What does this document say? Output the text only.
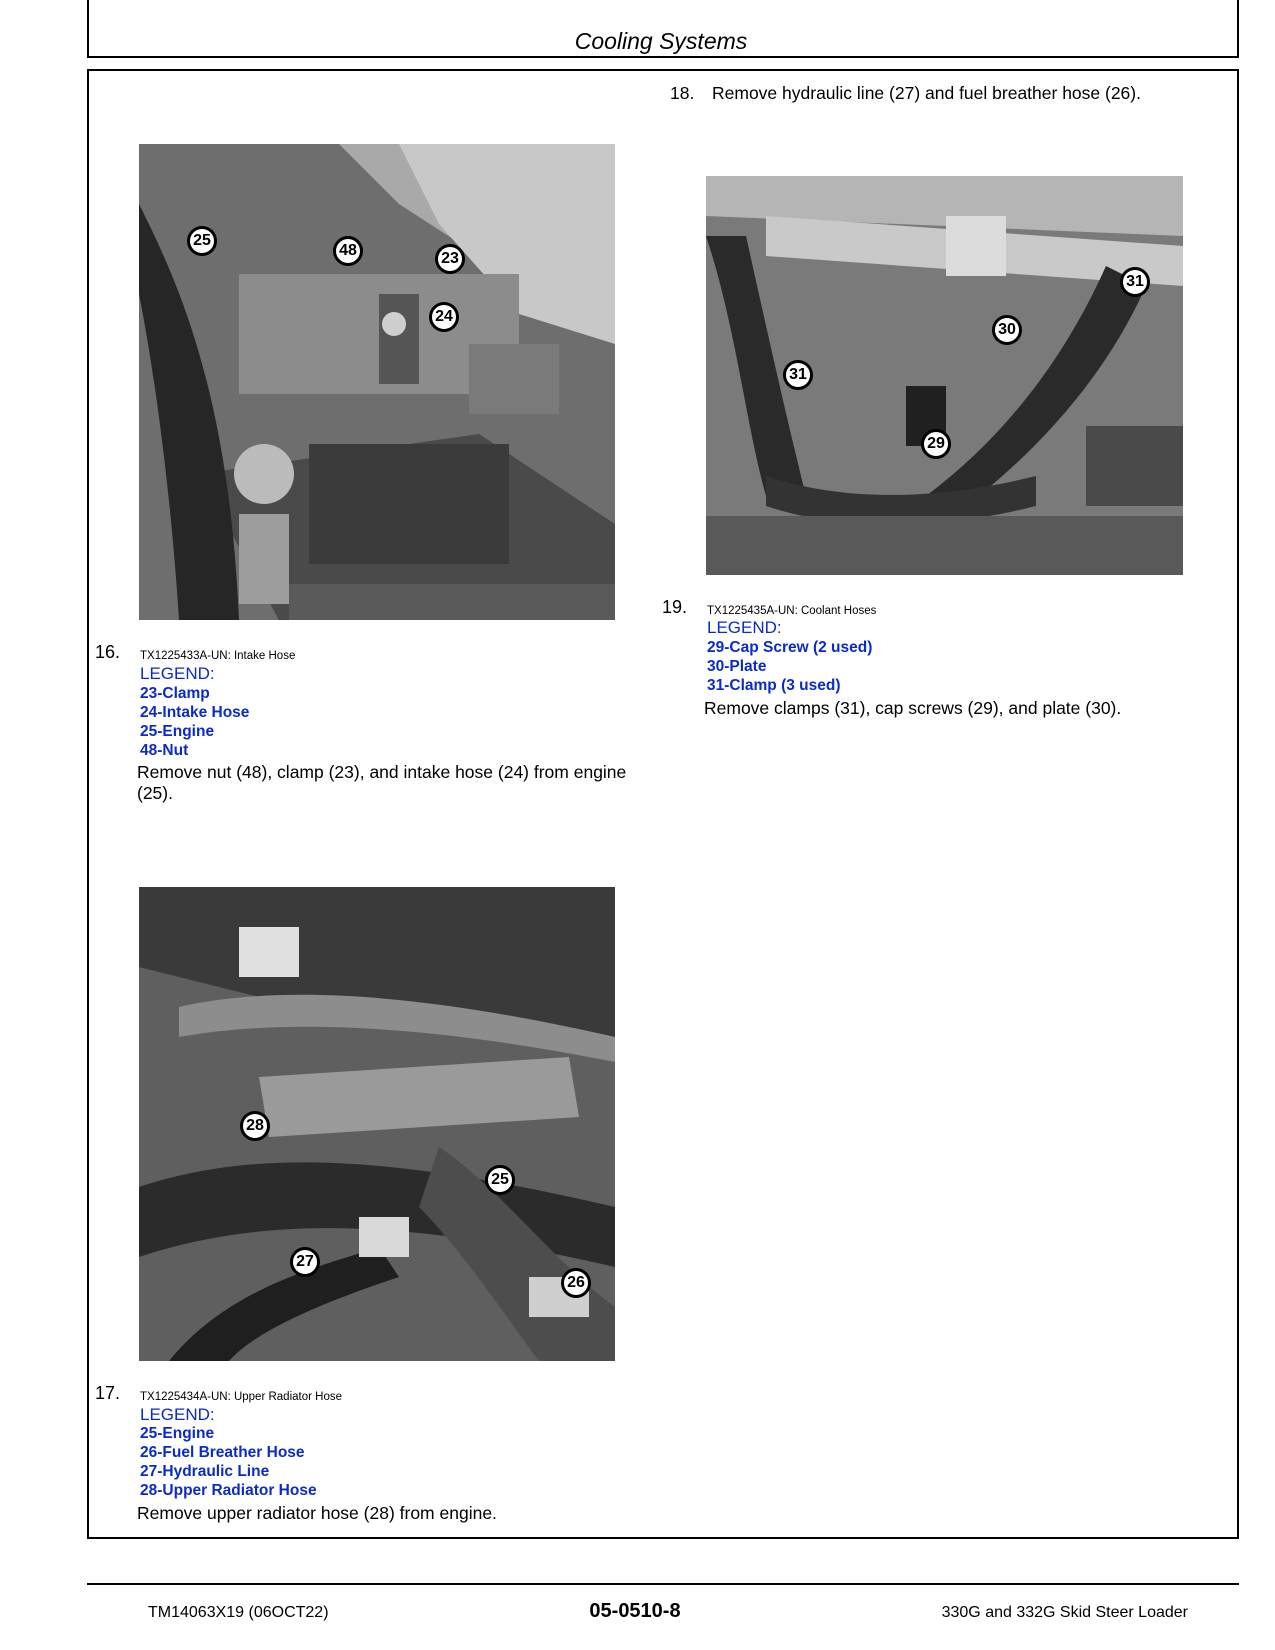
Cooling Systems
25
48	23
24
16. TX1225433A-UN: Intake Hose
LEGEND:
23-Clamp
24-Intake Hose
25-Engine
48-Nut
Remove nut (48), clamp (23), and intake hose (24) from engine (25).
28
25
27
26
17. TX1225434A-UN: Upper Radiator Hose
LEGEND:
25-Engine
26-Fuel Breather Hose
27-Hydraulic Line
28-Upper Radiator Hose
Remove upper radiator hose (28) from engine.
18. Remove hydraulic line (27) and fuel breather hose (26).
31
30
31
29
19. TX1225435A-UN: Coolant Hoses
LEGEND:
29-Cap Screw (2 used)
30-Plate
31-Clamp (3 used)
Remove clamps (31), cap screws (29), and plate (30).
TM14063X19 (06OCT22)	05-0510-8	330G and 332G Skid Steer Loader
